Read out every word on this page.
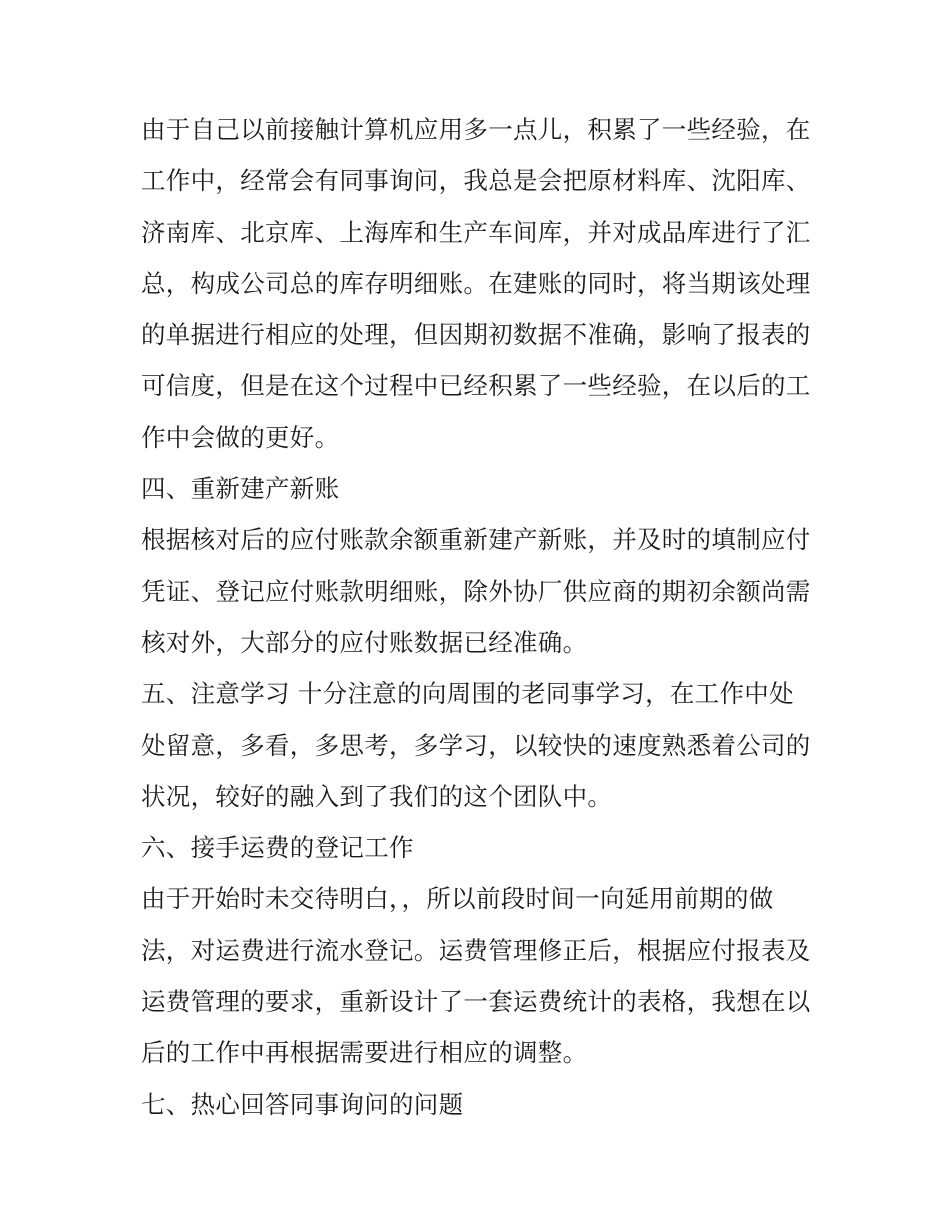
由于自己以前接触计算机应用多一点儿，积累了一些经验，在
工作中，经常会有同事询问，我总是会把原材料库、沈阳库、
济南库、北京库、上海库和生产车间库，并对成品库进行了汇
总，构成公司总的库存明细账。在建账的同时，将当期该处理
的单据进行相应的处理，但因期初数据不准确，影响了报表的
可信度，但是在这个过程中已经积累了一些经验，在以后的工
作中会做的更好。
四、重新建产新账
根据核对后的应付账款余额重新建产新账，并及时的填制应付
凭证、登记应付账款明细账，除外协厂供应商的期初余额尚需
核对外，大部分的应付账数据已经准确。
五、注意学习 十分注意的向周围的老同事学习，在工作中处
处留意，多看，多思考，多学习，以较快的速度熟悉着公司的
状况，较好的融入到了我们的这个团队中。
六、接手运费的登记工作
由于开始时未交待明白，，所以前段时间一向延用前期的做
法，对运费进行流水登记。运费管理修正后，根据应付报表及
运费管理的要求，重新设计了一套运费统计的表格，我想在以
后的工作中再根据需要进行相应的调整。
七、热心回答同事询问的问题
